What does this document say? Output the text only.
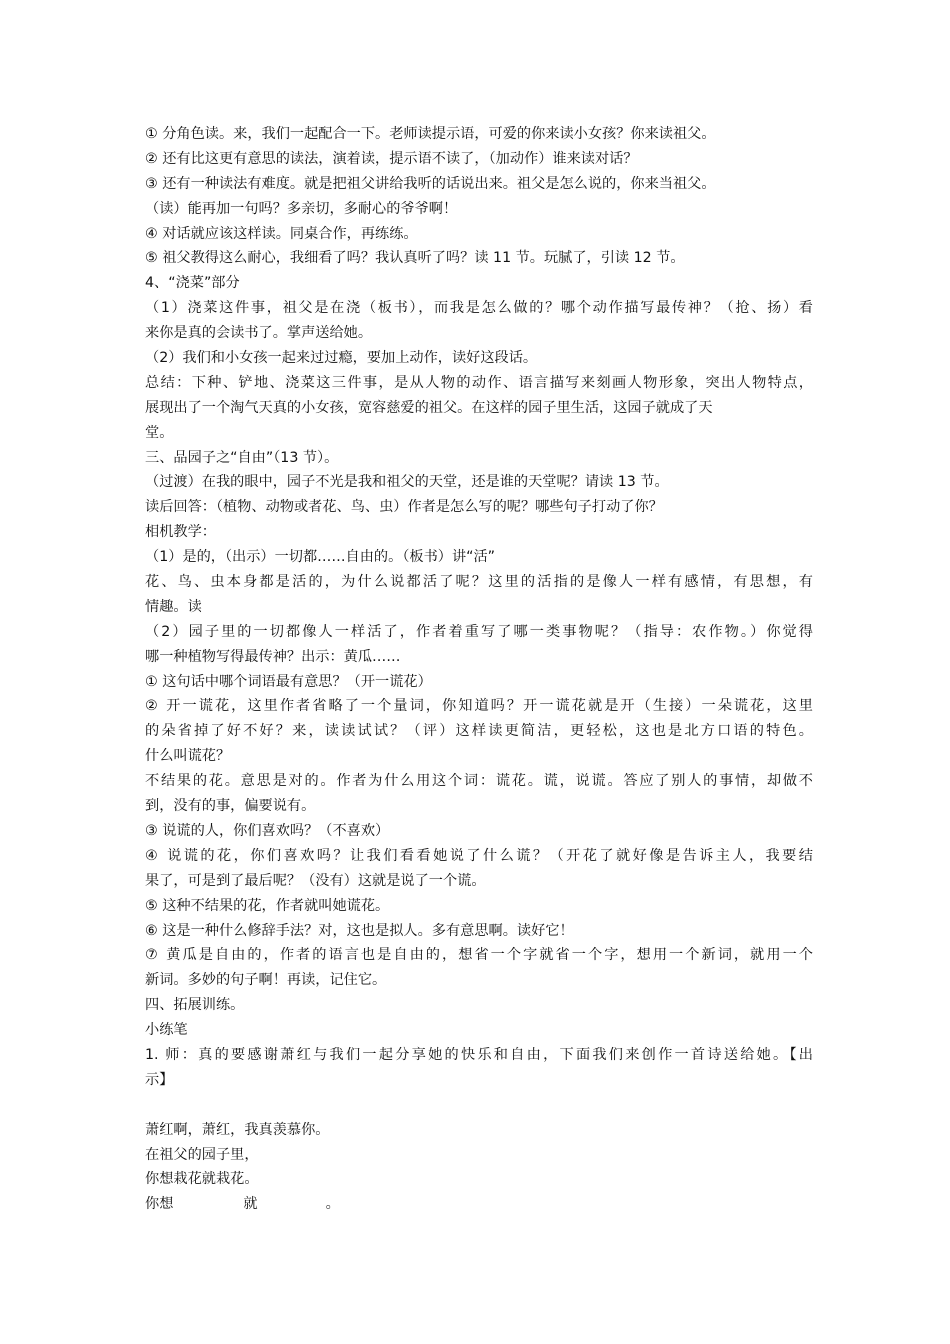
① 分角色读。来，我们一起配合一下。老师读提示语，可爱的你来读小女孩？你来读祖父。
② 还有比这更有意思的读法，演着读，提示语不读了，（加动作）谁来读对话？
③ 还有一种读法有难度。就是把祖父讲给我听的话说出来。祖父是怎么说的，你来当祖父。
（读）能再加一句吗？多亲切，多耐心的爷爷啊！
④ 对话就应该这样读。同桌合作，再练练。
⑤ 祖父教得这么耐心，我细看了吗？我认真听了吗？读 11 节。玩腻了，引读 12 节。
4、“浇菜”部分
（1）浇菜这件事，祖父是在浇（板书），而我是怎么做的？哪个动作描写最传神？（抢、扬）看
来你是真的会读书了。掌声送给她。
（2）我们和小女孩一起来过过瘾，要加上动作，读好这段话。
总结：下种、铲地、浇菜这三件事，是从人物的动作、语言描写来刻画人物形象，突出人物特点，
展现出了一个淘气天真的小女孩，宽容慈爱的祖父。在这样的园子里生活，这园子就成了天
堂。
三、品园子之“自由”（13 节）。
（过渡）在我的眼中，园子不光是我和祖父的天堂，还是谁的天堂呢？请读 13 节。
读后回答：（植物、动物或者花、鸟、虫）作者是怎么写的呢？哪些句子打动了你？
相机教学：
（1）是的，（出示）一切都……自由的。（板书）讲“活”
花、鸟、虫本身都是活的，为什么说都活了呢？这里的活指的是像人一样有感情，有思想，有
情趣。读
（2）园子里的一切都像人一样活了，作者着重写了哪一类事物呢？（指导：农作物。）你觉得
哪一种植物写得最传神？出示：黄瓜……
① 这句话中哪个词语最有意思？（开一谎花）
② 开一谎花，这里作者省略了一个量词，你知道吗？开一谎花就是开（生接）一朵谎花，这里
的朵省掉了好不好？来，读读试试？（评）这样读更简洁，更轻松，这也是北方口语的特色。
什么叫谎花？
不结果的花。意思是对的。作者为什么用这个词：谎花。谎，说谎。答应了别人的事情，却做不
到，没有的事，偏要说有。
③ 说谎的人，你们喜欢吗？（不喜欢）
④ 说谎的花，你们喜欢吗？让我们看看她说了什么谎？（开花了就好像是告诉主人，我要结
果了，可是到了最后呢？（没有）这就是说了一个谎。
⑤ 这种不结果的花，作者就叫她谎花。
⑥ 这是一种什么修辞手法？对，这也是拟人。多有意思啊。读好它！
⑦ 黄瓜是自由的，作者的语言也是自由的，想省一个字就省一个字，想用一个新词，就用一个
新词。多妙的句子啊！再读，记住它。
四、拓展训练。
小练笔
1. 师：真的要感谢萧红与我们一起分享她的快乐和自由，下面我们来创作一首诗送给她。【出
示】
萧红啊，萧红，我真羡慕你。
在祖父的园子里，
你想栽花就栽花。
你想	就	。
